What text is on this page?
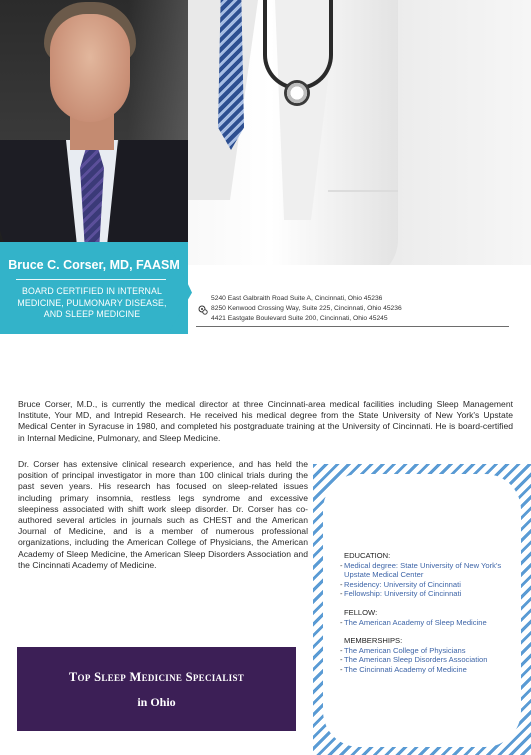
Bruce C. Corser, MD, FAASM
BOARD CERTIFIED IN INTERNAL MEDICINE, PULMONARY DISEASE, AND SLEEP MEDICINE
5240 East Galbraith Road Suite A, Cincinnati, Ohio 45236
8250 Kenwood Crossing Way, Suite 225, Cincinnati, Ohio 45236
4421 Eastgate Boulevard Suite 200, Cincinnati, Ohio 45245

Bruce Corser, M.D., is currently the medical director at three Cincinnati-area medical facilities including Sleep Management Institute, Your MD, and Intrepid Research. He received his medical degree from the State University of New York's Upstate Medical Center in Syracuse in 1980, and completed his postgraduate training at the University of Cincinnati. He is board-certified in Internal Medicine, Pulmonary, and Sleep Medicine.

Dr. Corser has extensive clinical research experience, and has held the position of principal investigator in more than 100 clinical trials during the past seven years. His research has focused on sleep-related issues including primary insomnia, restless legs syndrome and excessive sleepiness associated with shift work sleep disorder. Dr. Corser has co-authored several articles in journals such as CHEST and the American Journal of Medicine, and is a member of numerous professional organizations, including the American College of Physicians, the American Academy of Sleep Medicine, the American Sleep Disorders Association and the Cincinnati Academy of Medicine.

Top Sleep Medicine Specialist
in Ohio
EDUCATION:
- Medical degree: State University of New York's Upstate Medical Center
- Residency: University of Cincinnati
- Fellowship: University of Cincinnati
FELLOW:
- The American Academy of Sleep Medicine
MEMBERSHIPS:
- The American College of Physicians
- The American Sleep Disorders Association
- The Cincinnati Academy of Medicine
